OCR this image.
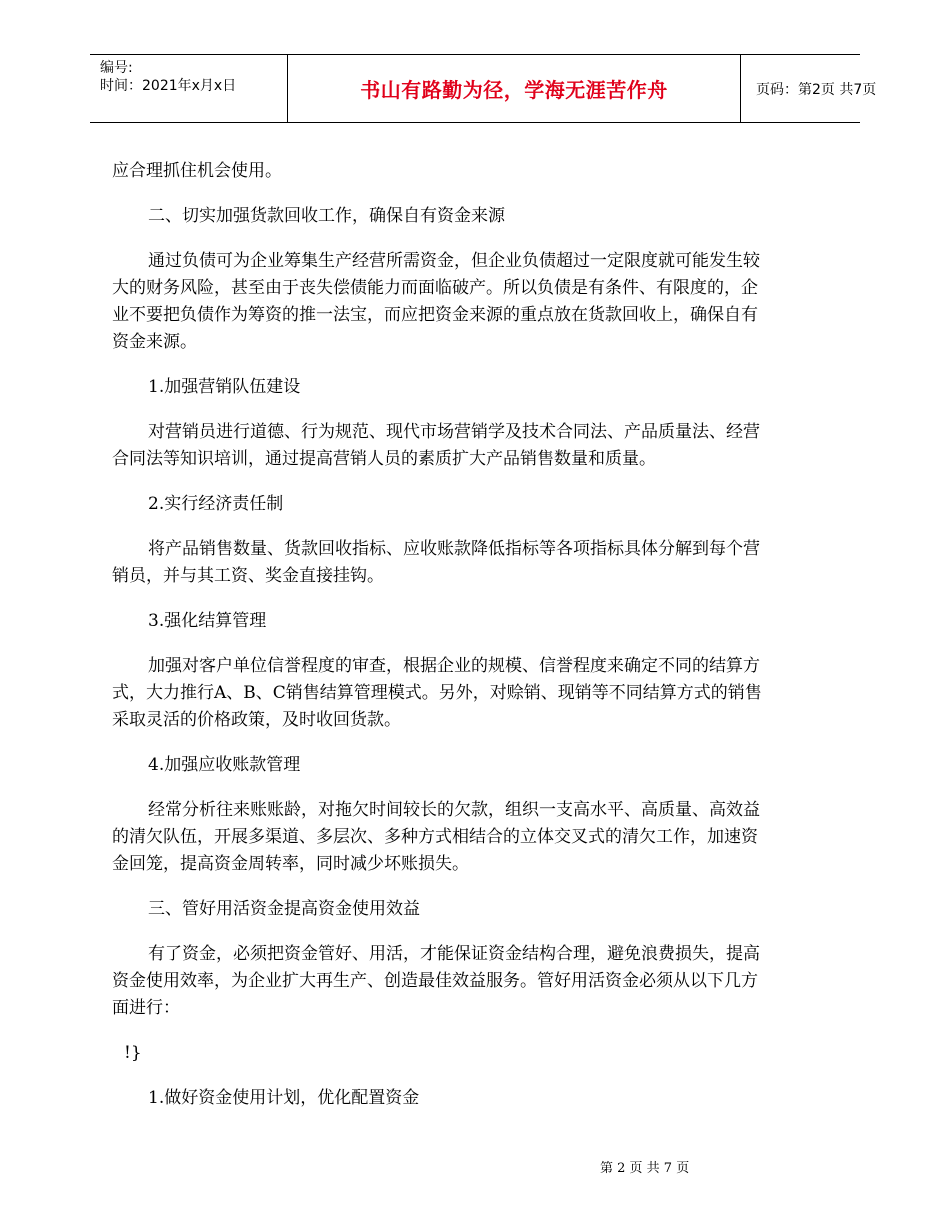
编号:
时间：2021年x月x日	书山有路勤为径，学海无涯苦作舟	页码：第2页 共7页

应合理抓住机会使用。

二、切实加强货款回收工作，确保自有资金来源

通过负债可为企业筹集生产经营所需资金，但企业负债超过一定限度就可能发生较大的财务风险，甚至由于丧失偿债能力而面临破产。所以负债是有条件、有限度的，企业不要把负债作为筹资的推一法宝，而应把资金来源的重点放在货款回收上，确保自有资金来源。

1.加强营销队伍建设

对营销员进行道德、行为规范、现代市场营销学及技术合同法、产品质量法、经营合同法等知识培训，通过提高营销人员的素质扩大产品销售数量和质量。

2.实行经济责任制

将产品销售数量、货款回收指标、应收账款降低指标等各项指标具体分解到每个营销员，并与其工资、奖金直接挂钩。

3.强化结算管理

加强对客户单位信誉程度的审查，根据企业的规模、信誉程度来确定不同的结算方式，大力推行A、B、C销售结算管理模式。另外，对赊销、现销等不同结算方式的销售采取灵活的价格政策，及时收回货款。

4.加强应收账款管理

经常分析往来账账龄，对拖欠时间较长的欠款，组织一支高水平、高质量、高效益的清欠队伍，开展多渠道、多层次、多种方式相结合的立体交叉式的清欠工作，加速资金回笼，提高资金周转率，同时减少坏账损失。

三、管好用活资金提高资金使用效益

有了资金，必须把资金管好、用活，才能保证资金结构合理，避免浪费损失，提高资金使用效率，为企业扩大再生产、创造最佳效益服务。管好用活资金必须从以下几方面进行：

!}

1.做好资金使用计划，优化配置资金

第 2 页 共 7 页
